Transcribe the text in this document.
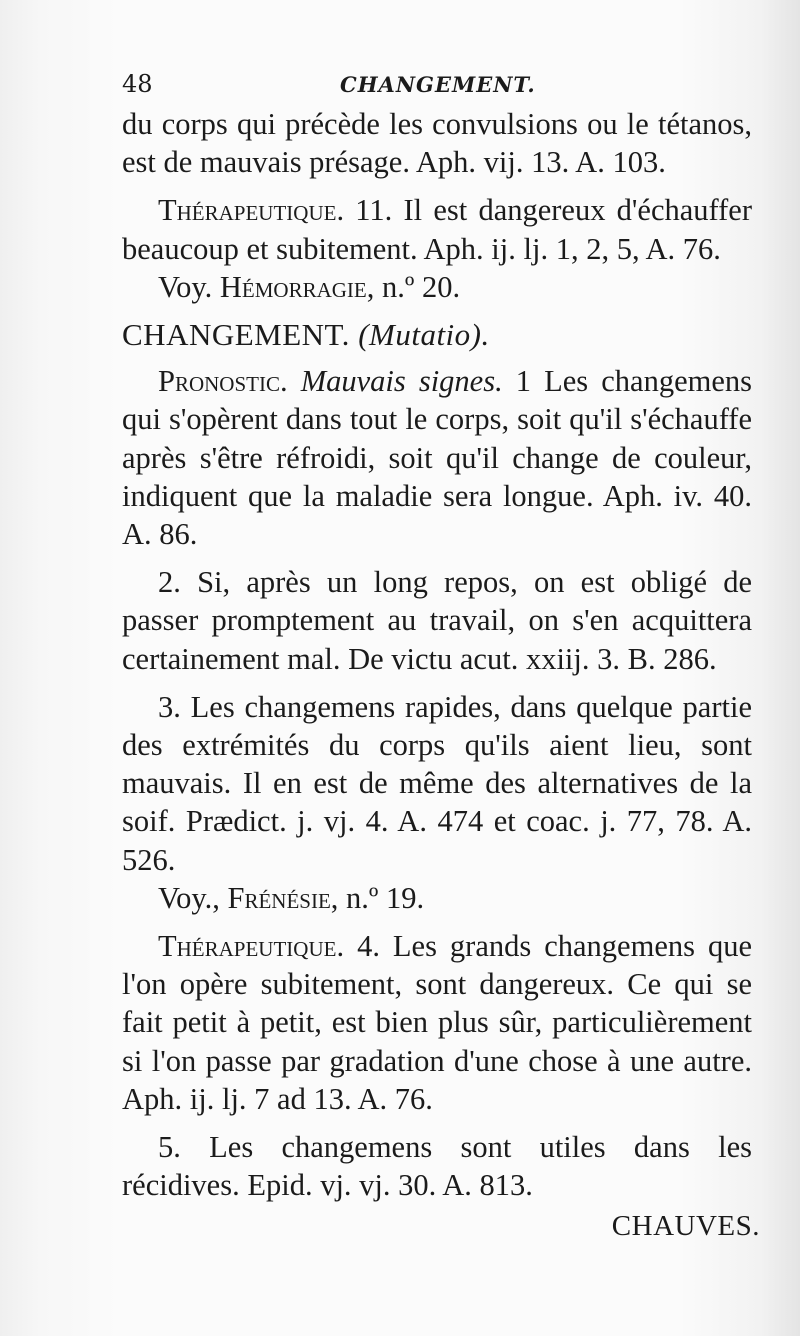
48	CHANGEMENT.

du corps qui précède les convulsions ou le tétanos, est de mauvais présage. Aph. vij. 13. A. 103.

Thérapeutique. 11. Il est dangereux d'échauffer beaucoup et subitement. Aph. ij. lj. 1, 2, 5, A. 76.

Voy. Hémorragie, n.º 20.

CHANGEMENT. (Mutatio).

Pronostic. Mauvais signes. 1 Les changemens qui s'opèrent dans tout le corps, soit qu'il s'échauffe après s'être réfroidi, soit qu'il change de couleur, indiquent que la maladie sera longue. Aph. iv. 40. A. 86.

2. Si, après un long repos, on est obligé de passer promptement au travail, on s'en acquittera certainement mal. De victu acut. xxiij. 3. B. 286.

3. Les changemens rapides, dans quelque partie des extrémités du corps qu'ils aient lieu, sont mauvais. Il en est de même des alternatives de la soif. Prædict. j. vj. 4. A. 474 et coac. j. 77, 78. A. 526.

Voy., Frénésie, n.º 19.

Thérapeutique. 4. Les grands changemens que l'on opère subitement, sont dangereux. Ce qui se fait petit à petit, est bien plus sûr, particulièrement si l'on passe par gradation d'une chose à une autre. Aph. ij. lj. 7 ad 13. A. 76.

5. Les changemens sont utiles dans les récidives. Epid. vj. vj. 30. A. 813.

CHAUVES.
